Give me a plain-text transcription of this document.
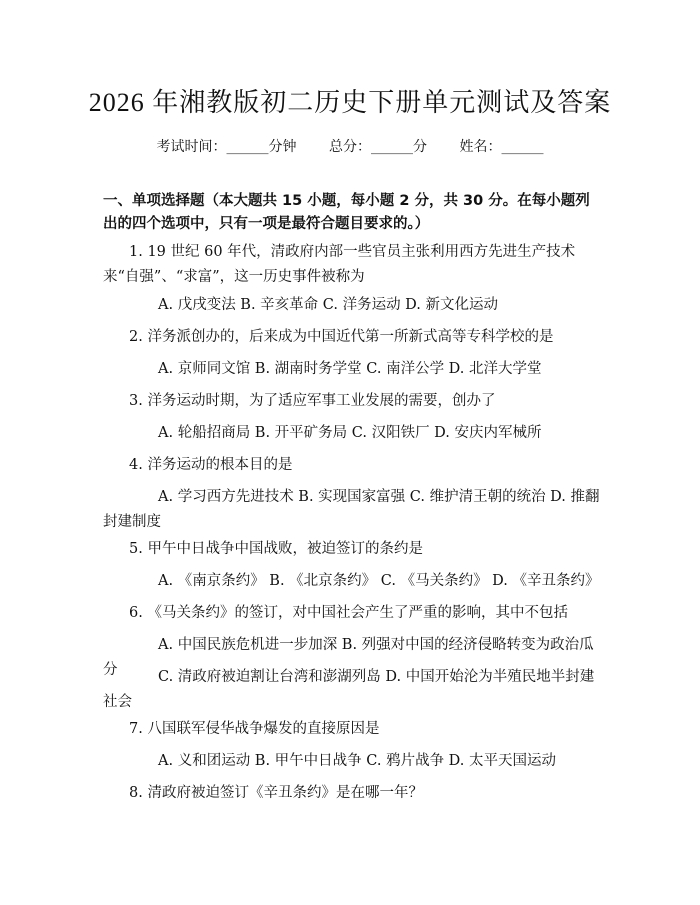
2026 年湘教版初二历史下册单元测试及答案
考试时间：______分钟 总分：______分 姓名：______
一、单项选择题（本大题共 15 小题，每小题 2 分，共 30 分。在每小题列出的四个选项中，只有一项是最符合题目要求的。）
1. 19 世纪 60 年代，清政府内部一些官员主张利用西方先进生产技术来“自强”、“求富”，这一历史事件被称为
A. 戊戌变法 B. 辛亥革命 C. 洋务运动 D. 新文化运动
2. 洋务派创办的，后来成为中国近代第一所新式高等专科学校的是
A. 京师同文馆 B. 湖南时务学堂 C. 南洋公学 D. 北洋大学堂
3. 洋务运动时期，为了适应军事工业发展的需要，创办了
A. 轮船招商局 B. 开平矿务局 C. 汉阳铁厂 D. 安庆内军械所
4. 洋务运动的根本目的是
A. 学习西方先进技术 B. 实现国家富强 C. 维护清王朝的统治 D. 推翻封建制度
5. 甲午中日战争中国战败，被迫签订的条约是
A. 《南京条约》 B. 《北京条约》 C. 《马关条约》 D. 《辛丑条约》
6. 《马关条约》的签订，对中国社会产生了严重的影响，其中不包括
A. 中国民族危机进一步加深 B. 列强对中国的经济侵略转变为政治瓜分	C. 清政府被迫割让台湾和澎湖列岛 D. 中国开始沦为半殖民地半封建社会
7. 八国联军侵华战争爆发的直接原因是
A. 义和团运动 B. 甲午中日战争 C. 鸦片战争 D. 太平天国运动
8. 清政府被迫签订《辛丑条约》是在哪一年？
